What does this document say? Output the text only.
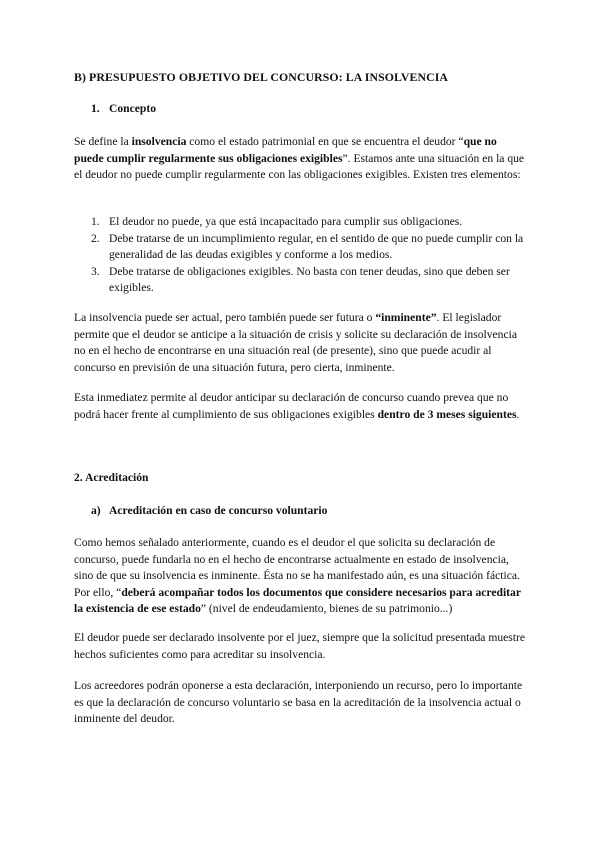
B) PRESUPUESTO OBJETIVO DEL CONCURSO: LA INSOLVENCIA
1. Concepto
Se define la insolvencia como el estado patrimonial en que se encuentra el deudor “que no puede cumplir regularmente sus obligaciones exigibles”. Estamos ante una situación en la que el deudor no puede cumplir regularmente con las obligaciones exigibles. Existen tres elementos:
1. El deudor no puede, ya que está incapacitado para cumplir sus obligaciones.
2. Debe tratarse de un incumplimiento regular, en el sentido de que no puede cumplir con la generalidad de las deudas exigibles y conforme a los medios.
3. Debe tratarse de obligaciones exigibles. No basta con tener deudas, sino que deben ser exigibles.
La insolvencia puede ser actual, pero también puede ser futura o “inminente”. El legislador permite que el deudor se anticipe a la situación de crisis y solicite su declaración de insolvencia no en el hecho de encontrarse en una situación real (de presente), sino que puede acudir al concurso en previsión de una situación futura, pero cierta, inminente.
Esta inmediatez permite al deudor anticipar su declaración de concurso cuando prevea que no podrá hacer frente al cumplimiento de sus obligaciones exigibles dentro de 3 meses siguientes.
2. Acreditación
a) Acreditación en caso de concurso voluntario
Como hemos señalado anteriormente, cuando es el deudor el que solicita su declaración de concurso, puede fundarla no en el hecho de encontrarse actualmente en estado de insolvencia, sino de que su insolvencia es inminente. Ésta no se ha manifestado aún, es una situación fáctica. Por ello, “deberá acompañar todos los documentos que considere necesarios para acreditar la existencia de ese estado” (nivel de endeudamiento, bienes de su patrimonio...)
El deudor puede ser declarado insolvente por el juez, siempre que la solicitud presentada muestre hechos suficientes como para acreditar su insolvencia.
Los acreedores podrán oponerse a esta declaración, interponiendo un recurso, pero lo importante es que la declaración de concurso voluntario se basa en la acreditación de la insolvencia actual o inminente del deudor.
